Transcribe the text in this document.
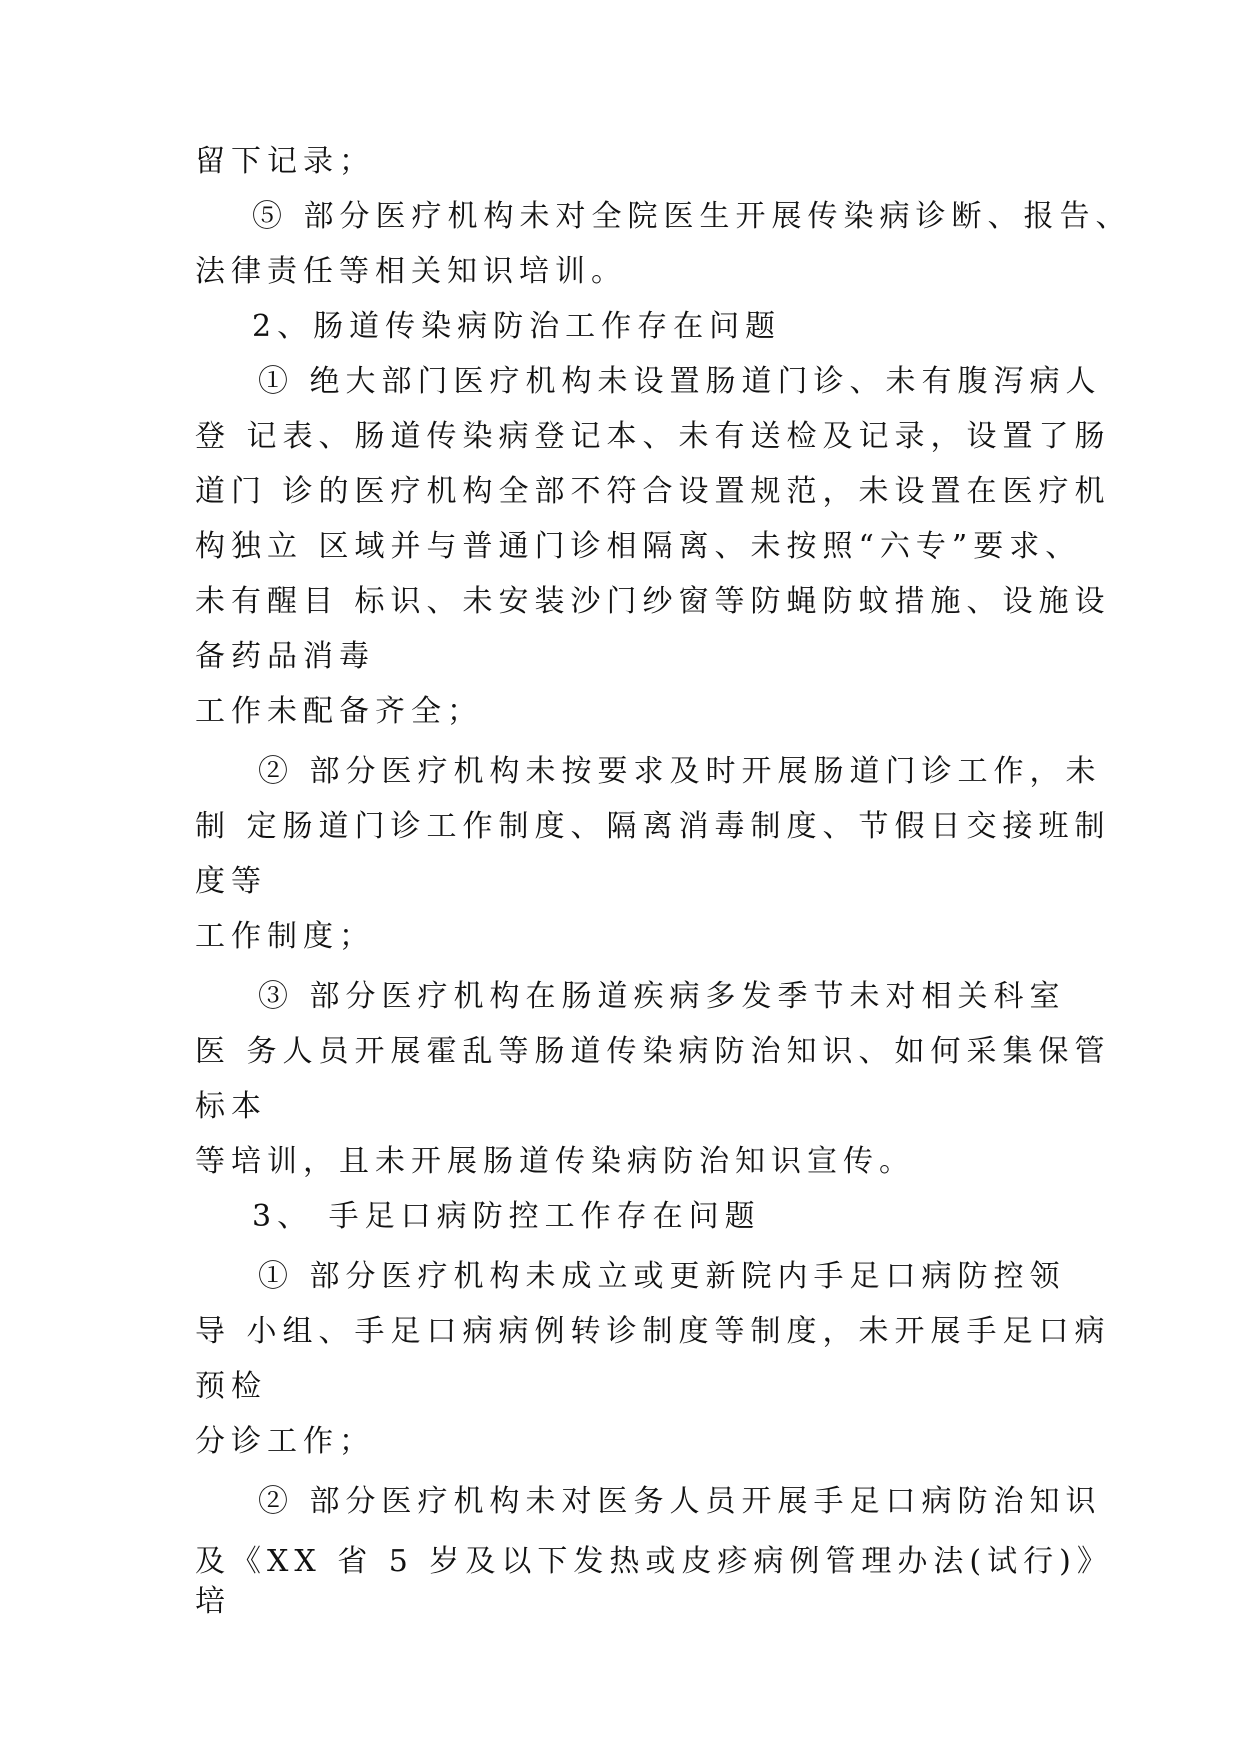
留下记录；

⑤ 部分医疗机构未对全院医生开展传染病诊断、报告、

法律责任等相关知识培训。

2、肠道传染病防治工作存在问题

① 绝大部门医疗机构未设置肠道门诊、未有腹泻病人

登 记表、肠道传染病登记本、未有送检及记录，设置了肠

道门 诊的医疗机构全部不符合设置规范，未设置在医疗机

构独立 区域并与普通门诊相隔离、未按照“六专”要求、

未有醒目 标识、未安装沙门纱窗等防蝇防蚊措施、设施设

备药品消毒

工作未配备齐全；

② 部分医疗机构未按要求及时开展肠道门诊工作，未

制 定肠道门诊工作制度、隔离消毒制度、节假日交接班制

度等

工作制度；

③ 部分医疗机构在肠道疾病多发季节未对相关科室

医 务人员开展霍乱等肠道传染病防治知识、如何采集保管

标本

等培训，且未开展肠道传染病防治知识宣传。

3、 手足口病防控工作存在问题

① 部分医疗机构未成立或更新院内手足口病防控领

导 小组、手足口病病例转诊制度等制度，未开展手足口病

预检

分诊工作；

② 部分医疗机构未对医务人员开展手足口病防治知识

及《XX 省 5 岁及以下发热或皮疹病例管理办法(试行)》

培
